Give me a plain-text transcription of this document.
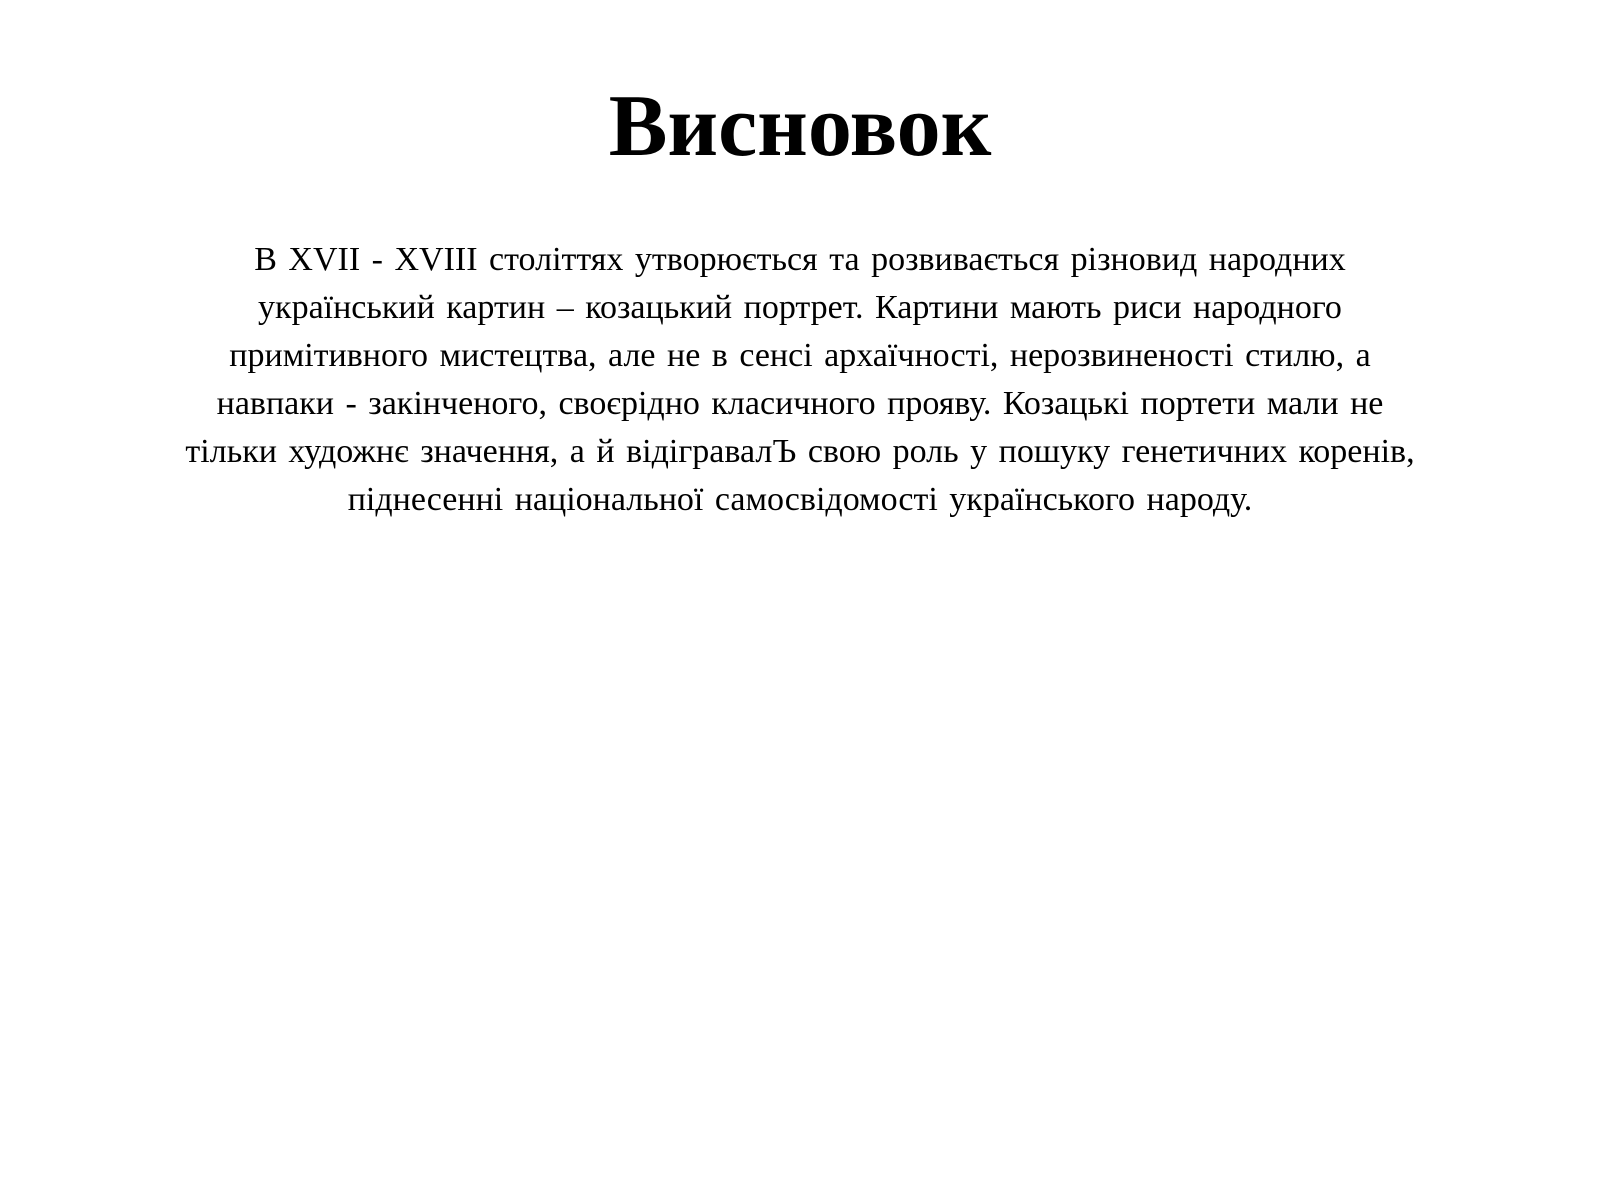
Висновок
В XVII - XVIII століттях утворюється та розвивається різновид народних
український картин – козацький портрет. Картини мають риси народного
примітивного мистецтва, але не в сенсі архаїчності, нерозвиненості стилю, а
навпаки - закінченого, своєрідно класичного прояву. Козацькі портети мали не
тільки художнє значення, а й відігравалЪ свою роль у пошуку генетичних коренів,
піднесенні національної самосвідомості українського народу.
